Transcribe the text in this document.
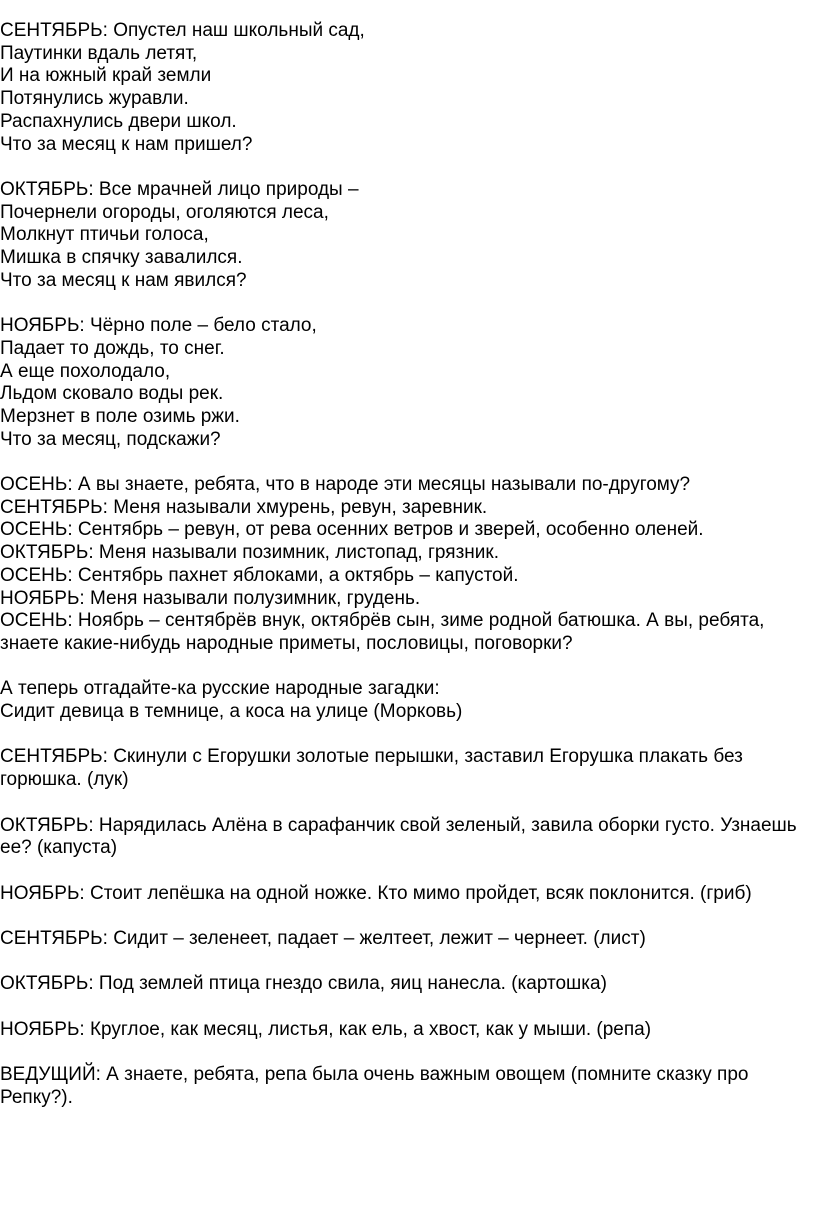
СЕНТЯБРЬ: Опустел наш школьный сад,
Паутинки вдаль летят,
И на южный край земли
Потянулись журавли.
Распахнулись двери школ.
Что за месяц к нам пришел?
ОКТЯБРЬ: Все мрачней лицо природы –
Почернели огороды, оголяются леса,
Молкнут птичьи голоса,
Мишка в спячку завалился.
Что за месяц к нам явился?
НОЯБРЬ: Чёрно поле – бело стало,
Падает то дождь, то снег.
А еще похолодало,
Льдом сковало воды рек.
Мерзнет в поле озимь ржи.
Что за месяц, подскажи?
ОСЕНЬ: А вы знаете, ребята, что в народе эти месяцы называли по-другому?
СЕНТЯБРЬ: Меня называли хмурень, ревун, заревник.
ОСЕНЬ: Сентябрь – ревун, от рева осенних ветров и зверей, особенно оленей.
ОКТЯБРЬ: Меня называли позимник, листопад, грязник.
ОСЕНЬ: Сентябрь пахнет яблоками, а октябрь – капустой.
НОЯБРЬ: Меня называли полузимник, грудень.
ОСЕНЬ: Ноябрь – сентябрёв внук, октябрёв сын, зиме родной батюшка. А вы, ребята, знаете какие-нибудь народные приметы, пословицы, поговорки?
А теперь отгадайте-ка русские народные загадки:
Сидит девица в темнице, а коса на улице (Морковь)
СЕНТЯБРЬ: Скинули с Егорушки золотые перышки, заставил Егорушка плакать без горюшка. (лук)
ОКТЯБРЬ: Нарядилась Алёна в сарафанчик свой зеленый, завила оборки густо. Узнаешь ее? (капуста)
НОЯБРЬ: Стоит лепёшка на одной ножке. Кто мимо пройдет, всяк поклонится. (гриб)
СЕНТЯБРЬ: Сидит – зеленеет, падает – желтеет, лежит – чернеет. (лист)
ОКТЯБРЬ: Под землей птица гнездо свила, яиц нанесла. (картошка)
НОЯБРЬ: Круглое, как месяц, листья, как ель, а хвост, как у мыши. (репа)
ВЕДУЩИЙ: А знаете, ребята, репа была очень важным овощем (помните сказку про Репку?).
